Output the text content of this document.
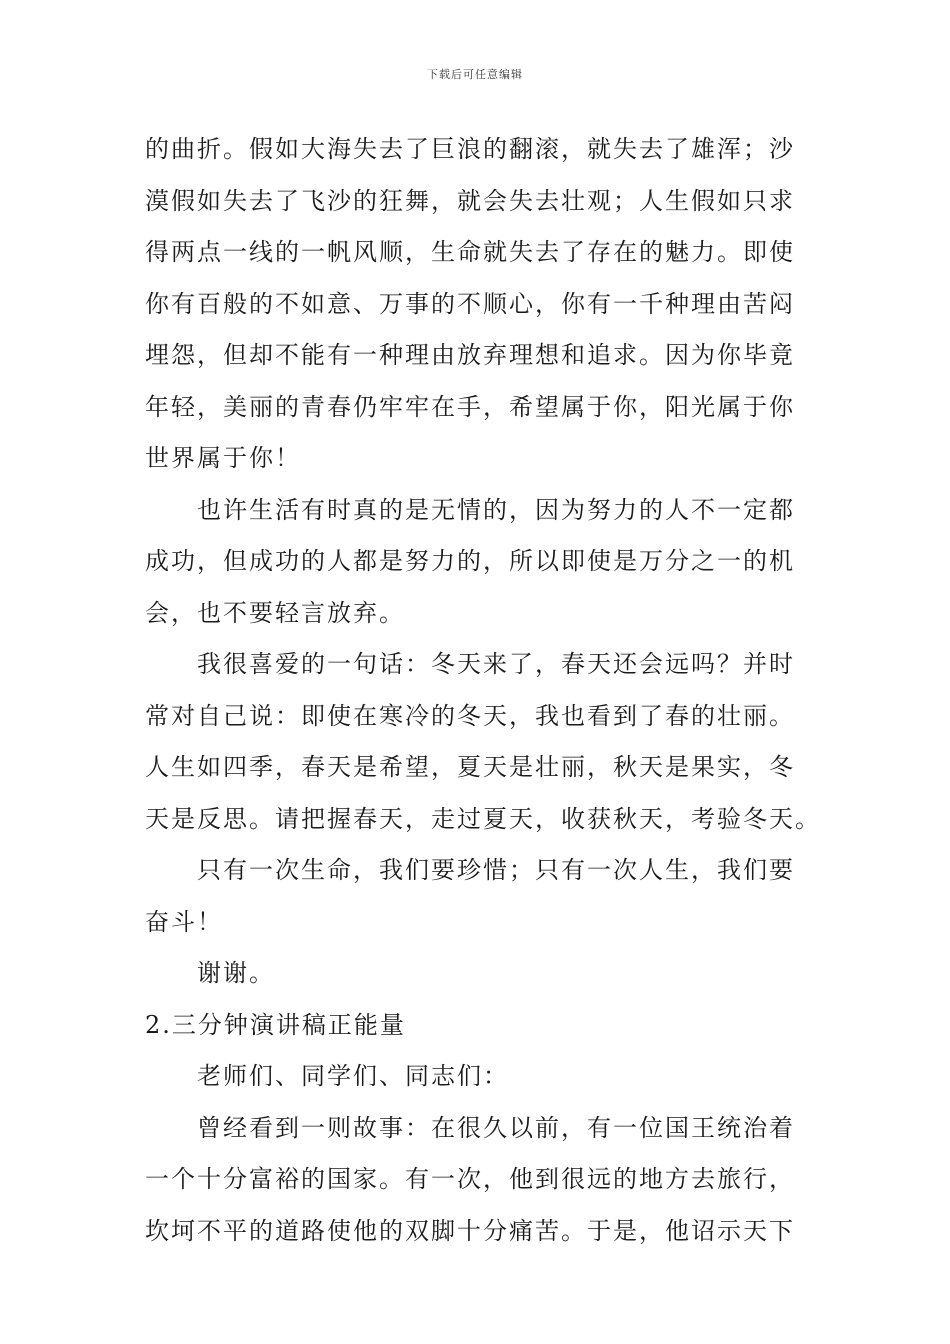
下载后可任意编辑
的曲折。假如大海失去了巨浪的翻滚，就失去了雄浑；沙
漠假如失去了飞沙的狂舞，就会失去壮观；人生假如只求
得两点一线的一帆风顺，生命就失去了存在的魅力。即使
你有百般的不如意、万事的不顺心，你有一千种理由苦闷
埋怨，但却不能有一种理由放弃理想和追求。因为你毕竟
年轻，美丽的青春仍牢牢在手，希望属于你，阳光属于你
世界属于你！
也许生活有时真的是无情的，因为努力的人不一定都
成功，但成功的人都是努力的，所以即使是万分之一的机
会，也不要轻言放弃。
我很喜爱的一句话：冬天来了，春天还会远吗？并时
常对自己说：即使在寒冷的冬天，我也看到了春的壮丽。
人生如四季，春天是希望，夏天是壮丽，秋天是果实，冬
天是反思。请把握春天，走过夏天，收获秋天，考验冬天。
只有一次生命，我们要珍惜；只有一次人生，我们要
奋斗！
谢谢。
2.三分钟演讲稿正能量
老师们、同学们、同志们：
曾经看到一则故事：在很久以前，有一位国王统治着
一个十分富裕的国家。有一次，他到很远的地方去旅行，
坎坷不平的道路使他的双脚十分痛苦。于是，他诏示天下
